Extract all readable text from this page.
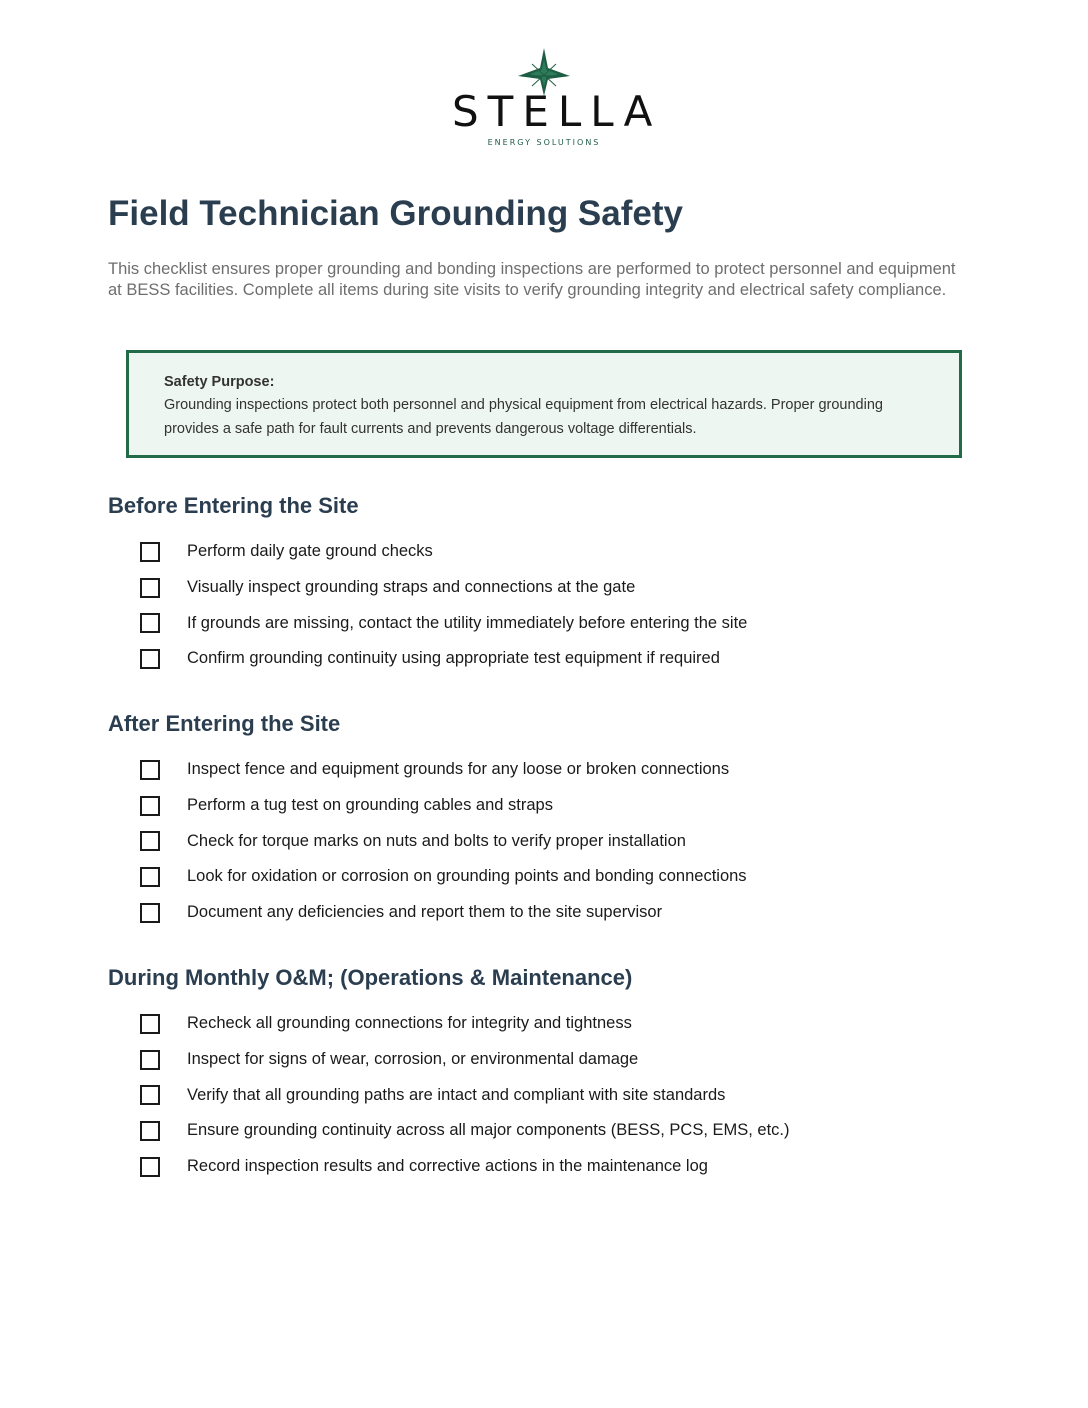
STELLA
ENERGY SOLUTIONS
Field Technician Grounding Safety
This checklist ensures proper grounding and bonding inspections are performed to protect personnel and equipment at BESS facilities. Complete all items during site visits to verify grounding integrity and electrical safety compliance.
Safety Purpose:
Grounding inspections protect both personnel and physical equipment from electrical hazards. Proper grounding provides a safe path for fault currents and prevents dangerous voltage differentials.
Before Entering the Site
Perform daily gate ground checks
Visually inspect grounding straps and connections at the gate
If grounds are missing, contact the utility immediately before entering the site
Confirm grounding continuity using appropriate test equipment if required
After Entering the Site
Inspect fence and equipment grounds for any loose or broken connections
Perform a tug test on grounding cables and straps
Check for torque marks on nuts and bolts to verify proper installation
Look for oxidation or corrosion on grounding points and bonding connections
Document any deficiencies and report them to the site supervisor
During Monthly O&M; (Operations & Maintenance)
Recheck all grounding connections for integrity and tightness
Inspect for signs of wear, corrosion, or environmental damage
Verify that all grounding paths are intact and compliant with site standards
Ensure grounding continuity across all major components (BESS, PCS, EMS, etc.)
Record inspection results and corrective actions in the maintenance log
